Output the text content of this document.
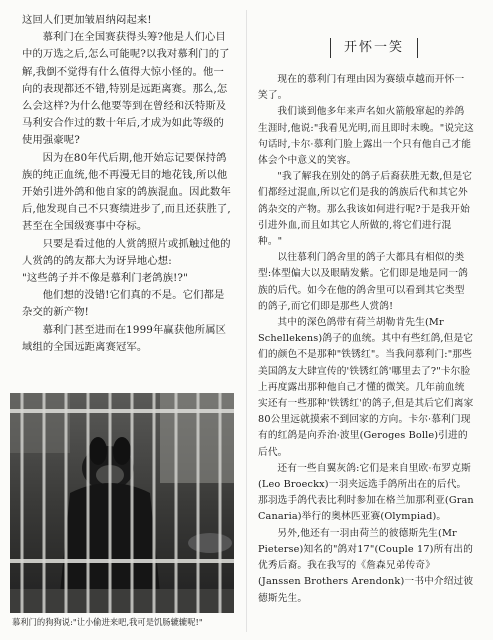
这回人们更加皱眉纳闷起来!

慕利门在全国赛获得头筹?他是人们心目中的万选之后,怎么可能呢?以我对慕利门的了解,我倒不觉得有什么值得大惊小怪的。他一向的表现都还不错,特别是远距离赛。那么,怎么会这样?为什么他要等到在曾经和沃特斯及马利安合作过的数十年后,才成为如此等级的使用强豪呢?

因为在80年代后期,他开始忘记要保持鸽族的纯正血统,他不再漫无目的地花钱,所以他开始引进外鸽和他自家的鸽族混血。因此数年后,他发现自己不只赛绩进步了,而且还获胜了,甚至在全国级赛事中夺标。

只要是看过他的人赏鸽照片或抓触过他的人赏鸽的鸽友都大为讶异地心想:

"这些鸽子并不像是慕利门老鸽族!?"

他们想的没错!它们真的不是。它们都是杂交的新产物!

慕利门甚至进而在1999年赢获他所属区域组的全国远距离赛冠军。

慕利门的狗狗说:"让小偷进来吧,我可是饥肠辘辘呢!"
开怀一笑

现在的慕利门有理由因为赛绩卓越而开怀一笑了。

我们谈到他多年来声名如火箭般窜起的养鸽生涯时,他说:"我看见光明,而且即时未晚。"说完这句话时,卡尔·慕利门脸上露出一个只有他自己才能体会个中意义的笑容。

"我了解我在别处的鸽子后裔获胜无数,但是它们都经过混血,所以它们是我的鸽族后代和其它外鸽杂交的产物。那么我该如何进行呢?于是我开始引进外血,而且如其它人所做的,将它们进行混种。"

以往慕利门鸽舍里的鸽子大都具有相似的类型:体型偏大以及眼睛发紫。它们即是地是同一鸽族的后代。如今在他的鸽舍里可以看到其它类型的鸽子,而它们即是那些人赏鸽!

其中的深色鸽带有荷兰胡勒肯先生(Mr Schellekens)鸽子的血统。其中有些红鸽,但是它们的颜色不是那种"铁锈红"。当我问慕利门:"那些美国鸽友大肆宣传的'铁锈红鸽'哪里去了?"卡尔脸上再度露出那种他自己才懂的微笑。几年前血统实还有一些那种'铁锈红'的鸽子,但是其后它们离家80公里远就摸索不到回家的方向。卡尔·慕利门现有的红鸽是向乔治·波里(Geroges Bolle)引进的后代。

还有一些自翼灰鸽:它们是来自里欧·布罗克斯(Leo Broeckx)一羽夹远选手鸽所出在的后代。那羽选手鸽代表比利时参加在格兰加那利亚(Gran Canaria)举行的奥林匹亚赛(Olympiad)。

另外,他还有一羽由荷兰的彼德斯先生(Mr Pieterse)知名的"鸽对17"(Couple 17)所有出的优秀后裔。我在我写的《詹森兄弟传奇》(Janssen Brothers Arendonk)一书中介绍过彼德斯先生。
